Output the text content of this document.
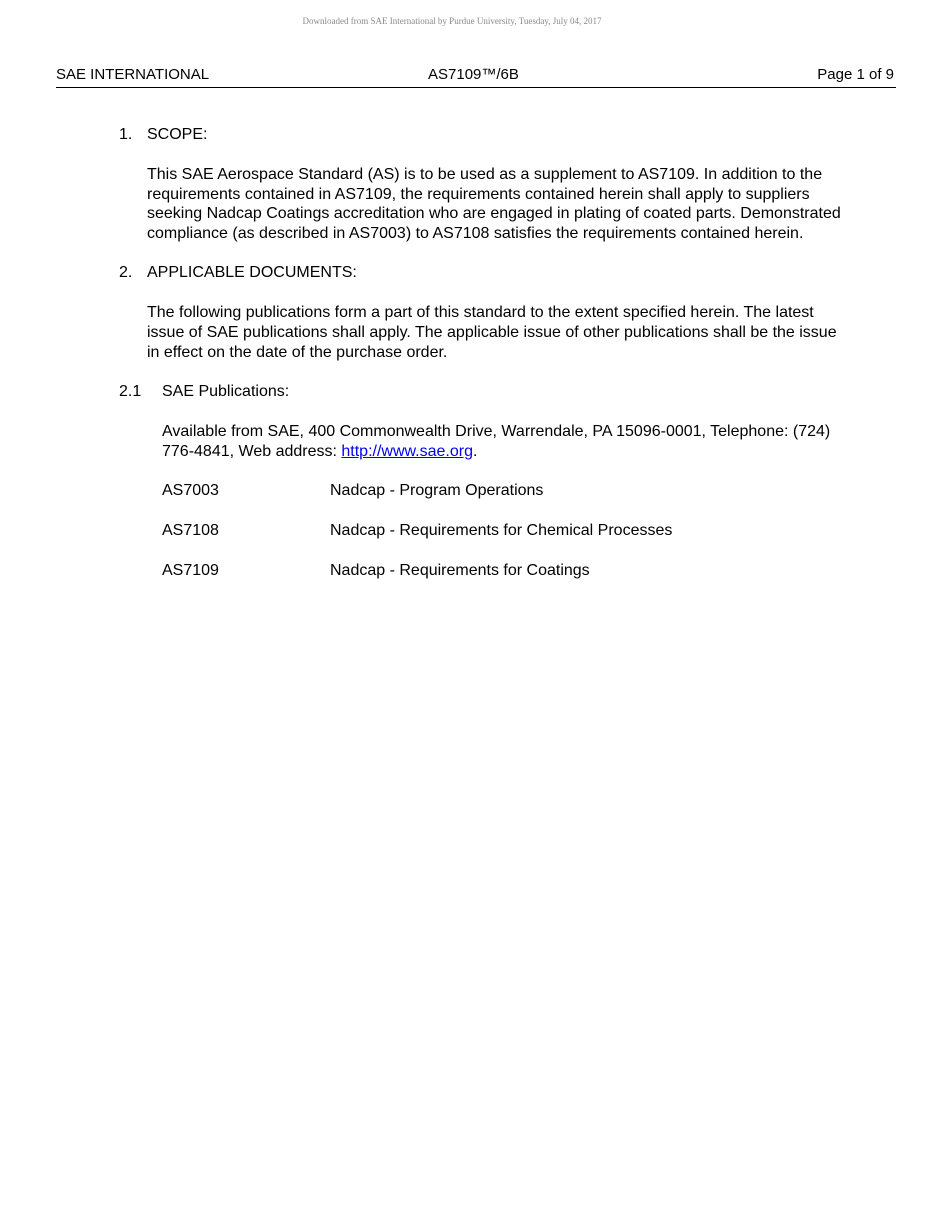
Downloaded from SAE International by Purdue University, Tuesday, July 04, 2017
SAE INTERNATIONAL	AS7109™/6B	Page 1 of 9
1. SCOPE:

This SAE Aerospace Standard (AS) is to be used as a supplement to AS7109. In addition to the requirements contained in AS7109, the requirements contained herein shall apply to suppliers seeking Nadcap Coatings accreditation who are engaged in plating of coated parts. Demonstrated compliance (as described in AS7003) to AS7108 satisfies the requirements contained herein.

2. APPLICABLE DOCUMENTS:

The following publications form a part of this standard to the extent specified herein. The latest issue of SAE publications shall apply. The applicable issue of other publications shall be the issue in effect on the date of the purchase order.

2.1 SAE Publications:

Available from SAE, 400 Commonwealth Drive, Warrendale, PA 15096-0001, Telephone: (724) 776-4841, Web address: http://www.sae.org.

AS7003	Nadcap - Program Operations
AS7108	Nadcap - Requirements for Chemical Processes
AS7109	Nadcap - Requirements for Coatings
